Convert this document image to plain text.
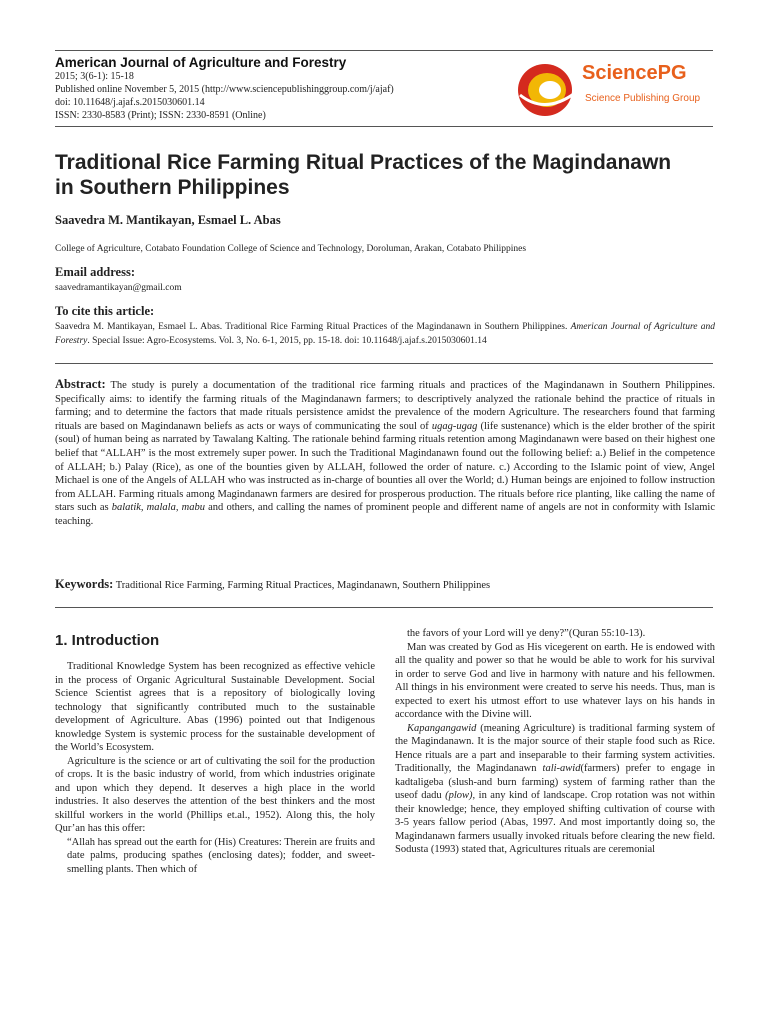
American Journal of Agriculture and Forestry
2015; 3(6-1): 15-18
Published online November 5, 2015 (http://www.sciencepublishinggroup.com/j/ajaf)
doi: 10.11648/j.ajaf.s.2015030601.14
ISSN: 2330-8583 (Print); ISSN: 2330-8591 (Online)
SciencePG
Science Publishing Group
Traditional Rice Farming Ritual Practices of the Magindanawn in Southern Philippines
Saavedra M. Mantikayan, Esmael L. Abas
College of Agriculture, Cotabato Foundation College of Science and Technology, Doroluman, Arakan, Cotabato Philippines
Email address:
saavedramantikayan@gmail.com
To cite this article:
Saavedra M. Mantikayan, Esmael L. Abas. Traditional Rice Farming Ritual Practices of the Magindanawn in Southern Philippines. American Journal of Agriculture and Forestry. Special Issue: Agro-Ecosystems. Vol. 3, No. 6-1, 2015, pp. 15-18. doi: 10.11648/j.ajaf.s.2015030601.14
Abstract: The study is purely a documentation of the traditional rice farming rituals and practices of the Magindanawn in Southern Philippines. Specifically aims: to identify the farming rituals of the Magindanawn farmers; to descriptively analyzed the rationale behind the practice of rituals in farming; and to determine the factors that made rituals persistence amidst the prevalence of the modern Agriculture. The researchers found that farming rituals are based on Magindanawn beliefs as acts or ways of communicating the soul of ugag-ugag (life sustenance) which is the elder brother of the spirit (soul) of human being as narrated by Tawalang Kalting. The rationale behind farming rituals retention among Magindanawn were based on their highest one belief that “ALLAH” is the most extremely super power. In such the Traditional Magindanawn found out the following belief: a.) Belief in the competence of ALLAH; b.) Palay (Rice), as one of the bounties given by ALLAH, followed the order of nature. c.) According to the Islamic point of view, Angel Michael is one of the Angels of ALLAH who was instructed as in-charge of bounties all over the World; d.) Human beings are enjoined to follow instruction from ALLAH. Farming rituals among Magindanawn farmers are desired for prosperous production. The rituals before rice planting, like calling the name of stars such as balatik, malala, mabu and others, and calling the names of prominent people and different name of angels are not in conformity with Islamic teaching.
Keywords: Traditional Rice Farming, Farming Ritual Practices, Magindanawn, Southern Philippines
1. Introduction

Traditional Knowledge System has been recognized as effective vehicle in the process of Organic Agricultural Sustainable Development. Social Science Scientist agrees that is a repository of biologically loving technology that significantly contributed much to the sustainable development of Agriculture. Abas (1996) pointed out that Indigenous knowledge System is systemic process for the sustainable development of the World’s Ecosystem.

Agriculture is the science or art of cultivating the soil for the production of crops. It is the basic industry of world, from which industries originate and upon which they depend. It deserves a high place in the world industries. It also deserves the attention of the best thinkers and the most skillful workers in the world (Phillips et.al., 1952). Along this, the holy Qur’an has this offer:

“Allah has spread out the earth for (His) Creatures: Therein are fruits and date palms, producing spathes (enclosing dates); fodder, and sweet-smelling plants. Then which of

the favors of your Lord will ye deny?”(Quran 55:10-13).

Man was created by God as His vicegerent on earth. He is endowed with all the quality and power so that he would be able to work for his survival in order to serve God and live in harmony with nature and his fellowmen. All things in his environment were created to serve his needs. Thus, man is expected to exert his utmost effort to use whatever lays on his hands in accordance with the Divine will.

Kapangangawid (meaning Agriculture) is traditional farming system of the Magindanawn. It is the major source of their staple food such as Rice. Hence rituals are a part and inseparable to their farming system activities. Traditionally, the Magindanawn tali-awid(farmers) prefer to engage in kadtaligeba (slush-and burn farming) system of farming rather than the useof dadu (plow), in any kind of landscape. Crop rotation was not within their knowledge; hence, they employed shifting cultivation of course with 3-5 years fallow period (Abas, 1997. And most importantly doing so, the Magindanawn farmers usually invoked rituals before clearing the new field. Sodusta (1993) stated that, Agricultures rituals are ceremonial
